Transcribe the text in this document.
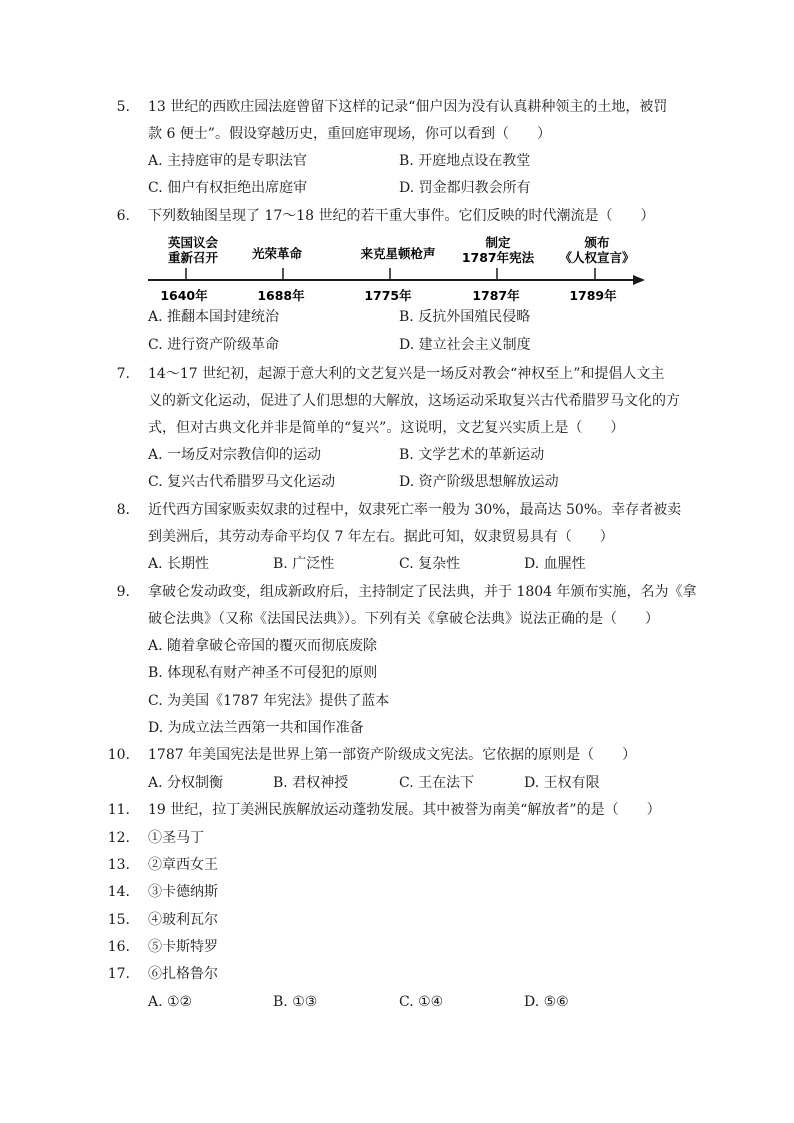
5. 13 世纪的西欧庄园法庭曾留下这样的记录“佃户因为没有认真耕种领主的土地，被罚
款 6 便士”。假设穿越历史，重回庭审现场，你可以看到（　　）
A. 主持庭审的是专职法官	B. 开庭地点设在教堂
C. 佃户有权拒绝出席庭审	D. 罚金都归教会所有
6. 下列数轴图呈现了 17～18 世纪的若干重大事件。它们反映的时代潮流是（　　）
英国议会
重新召开
1640年
光荣革命
1688年
来克星顿枪声
1775年
制定
1787年宪法
1787年
颁布
《人权宣言》
1789年
A. 推翻本国封建统治	B. 反抗外国殖民侵略
C. 进行资产阶级革命	D. 建立社会主义制度
7. 14～17 世纪初，起源于意大利的文艺复兴是一场反对教会“神权至上”和提倡人文主
义的新文化运动，促进了人们思想的大解放，这场运动采取复兴古代希腊罗马文化的方
式，但对古典文化并非是简单的“复兴”。这说明，文艺复兴实质上是（　　）
A. 一场反对宗教信仰的运动	B. 文学艺术的革新运动
C. 复兴古代希腊罗马文化运动	D. 资产阶级思想解放运动
8. 近代西方国家贩卖奴隶的过程中，奴隶死亡率一般为 30%，最高达 50%。幸存者被卖
到美洲后，其劳动寿命平均仅 7 年左右。据此可知，奴隶贸易具有（　　）
A. 长期性	B. 广泛性	C. 复杂性	D. 血腥性
9. 拿破仑发动政变，组成新政府后，主持制定了民法典，并于 1804 年颁布实施，名为《拿
破仑法典》（又称《法国民法典》）。下列有关《拿破仑法典》说法正确的是（　　）
A. 随着拿破仑帝国的覆灭而彻底废除
B. 体现私有财产神圣不可侵犯的原则
C. 为美国《1787 年宪法》提供了蓝本
D. 为成立法兰西第一共和国作准备
10. 1787 年美国宪法是世界上第一部资产阶级成文宪法。它依据的原则是（　　）
A. 分权制衡	B. 君权神授	C. 王在法下	D. 王权有限
11. 19 世纪，拉丁美洲民族解放运动蓬勃发展。其中被誉为南美“解放者”的是（　　）
12. ①圣马丁
13. ②章西女王
14. ③卡德纳斯
15. ④玻利瓦尔
16. ⑤卡斯特罗
17. ⑥扎格鲁尔
A. ①②	B. ①③	C. ①④	D. ⑤⑥
